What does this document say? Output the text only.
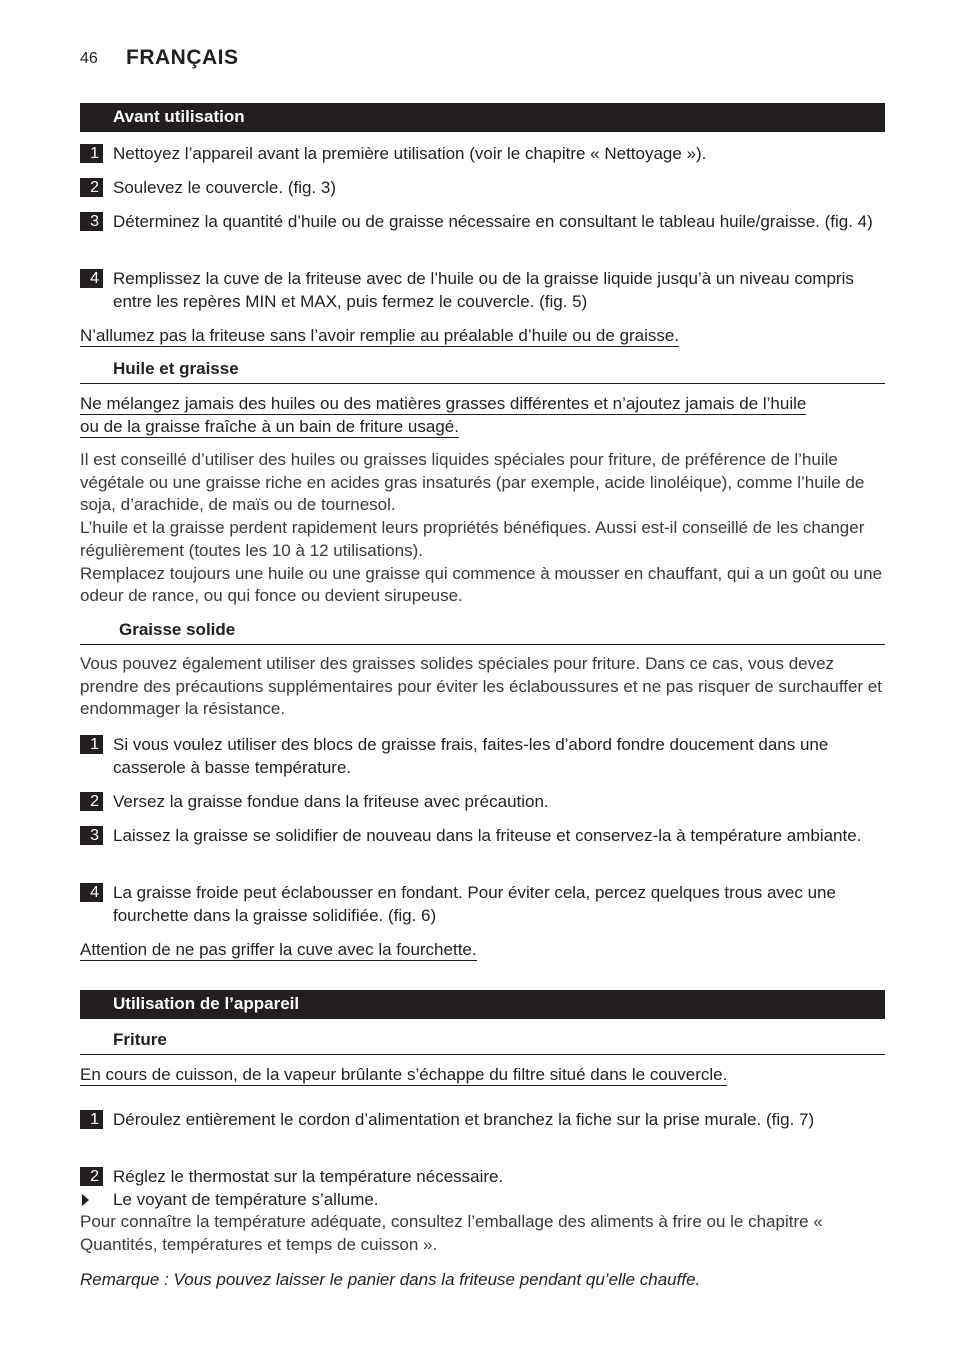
46 FRANÇAIS
Avant utilisation
1 Nettoyez l’appareil avant la première utilisation (voir le chapitre « Nettoyage »).
2 Soulevez le couvercle. (fig. 3)
3 Déterminez la quantité d’huile ou de graisse nécessaire en consultant le tableau huile/graisse. (fig. 4)
4 Remplissez la cuve de la friteuse avec de l’huile ou de la graisse liquide jusqu’à un niveau compris entre les repères MIN et MAX, puis fermez le couvercle. (fig. 5)
N’allumez pas la friteuse sans l’avoir remplie au préalable d’huile ou de graisse.
Huile et graisse
Ne mélangez jamais des huiles ou des matières grasses différentes et n’ajoutez jamais de l’huile
ou de la graisse fraîche à un bain de friture usagé.
Il est conseillé d’utiliser des huiles ou graisses liquides spéciales pour friture, de préférence de l’huile végétale ou une graisse riche en acides gras insaturés (par exemple, acide linoléique), comme l’huile de soja, d’arachide, de maïs ou de tournesol.
L’huile et la graisse perdent rapidement leurs propriétés bénéfiques. Aussi est-il conseillé de les changer régulièrement (toutes les 10 à 12 utilisations).
Remplacez toujours une huile ou une graisse qui commence à mousser en chauffant, qui a un goût ou une odeur de rance, ou qui fonce ou devient sirupeuse.
Graisse solide
Vous pouvez également utiliser des graisses solides spéciales pour friture. Dans ce cas, vous devez prendre des précautions supplémentaires pour éviter les éclaboussures et ne pas risquer de surchauffer et endommager la résistance.
1 Si vous voulez utiliser des blocs de graisse frais, faites-les d’abord fondre doucement dans une casserole à basse température.
2 Versez la graisse fondue dans la friteuse avec précaution.
3 Laissez la graisse se solidifier de nouveau dans la friteuse et conservez-la à température ambiante.
4 La graisse froide peut éclabousser en fondant. Pour éviter cela, percez quelques trous avec une fourchette dans la graisse solidifiée. (fig. 6)
Attention de ne pas griffer la cuve avec la fourchette.
Utilisation de l’appareil
Friture
En cours de cuisson, de la vapeur brûlante s’échappe du filtre situé dans le couvercle.
1 Déroulez entièrement le cordon d’alimentation et branchez la fiche sur la prise murale. (fig. 7)
2 Réglez le thermostat sur la température nécessaire.
Le voyant de température s’allume.
Pour connaître la température adéquate, consultez l’emballage des aliments à frire ou le chapitre « Quantités, températures et temps de cuisson ».
Remarque : Vous pouvez laisser le panier dans la friteuse pendant qu’elle chauffe.
